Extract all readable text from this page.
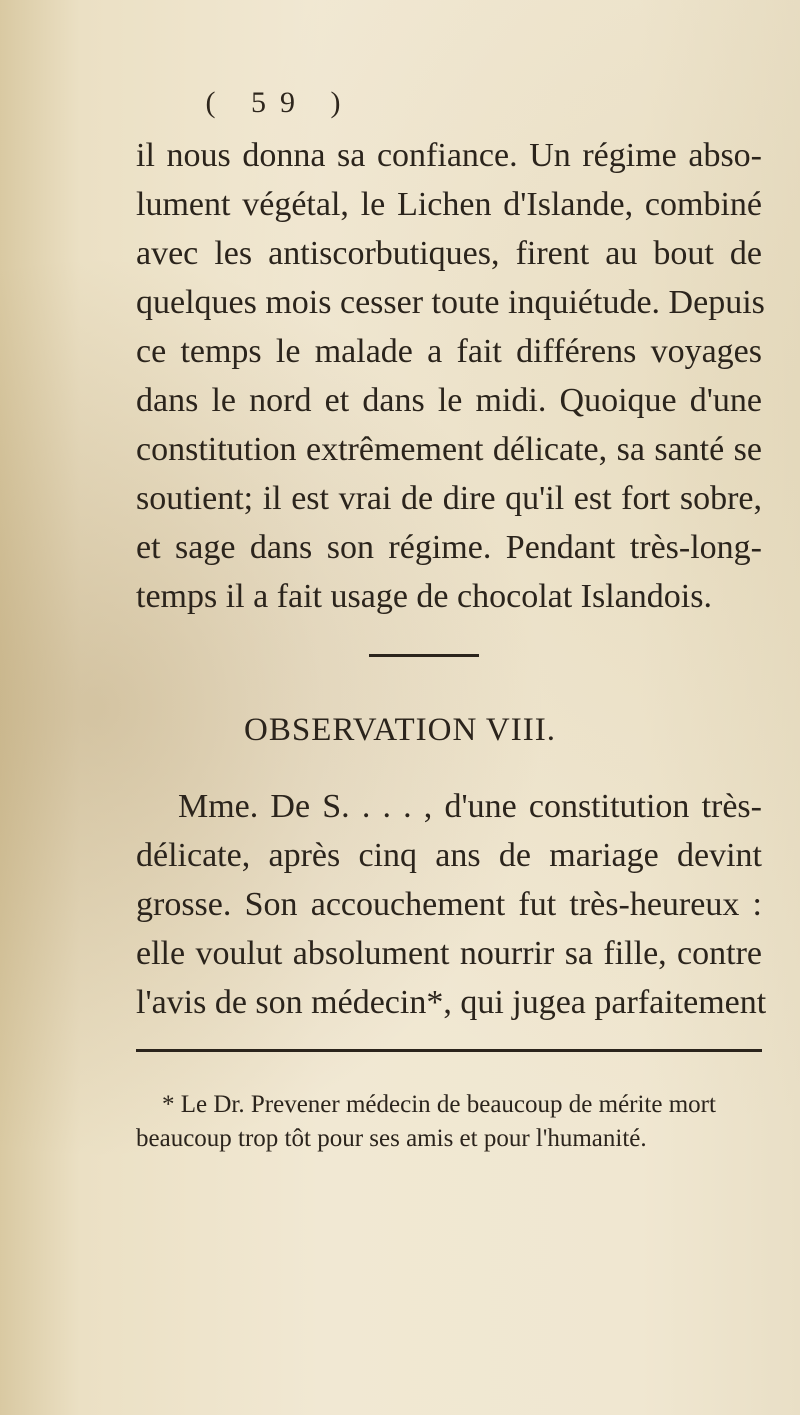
( 59 )
il nous donna sa confiance. Un régime abso-
lument végétal, le Lichen d'Islande, combiné
avec les antiscorbutiques, firent au bout de
quelques mois cesser toute inquiétude. Depuis
ce temps le malade a fait différens voyages
dans le nord et dans le midi. Quoique d'une
constitution extrêmement délicate, sa santé se
soutient; il est vrai de dire qu'il est fort sobre,
et sage dans son régime. Pendant très-long-
temps il a fait usage de chocolat Islandois.
OBSERVATION VIII.
Mme. De S. . . . , d'une constitution très-
délicate, après cinq ans de mariage devint
grosse. Son accouchement fut très-heureux :
elle voulut absolument nourrir sa fille, contre
l'avis de son médecin*, qui jugea parfaitement
* Le Dr. Prevener médecin de beaucoup de mérite mort
beaucoup trop tôt pour ses amis et pour l'humanité.
